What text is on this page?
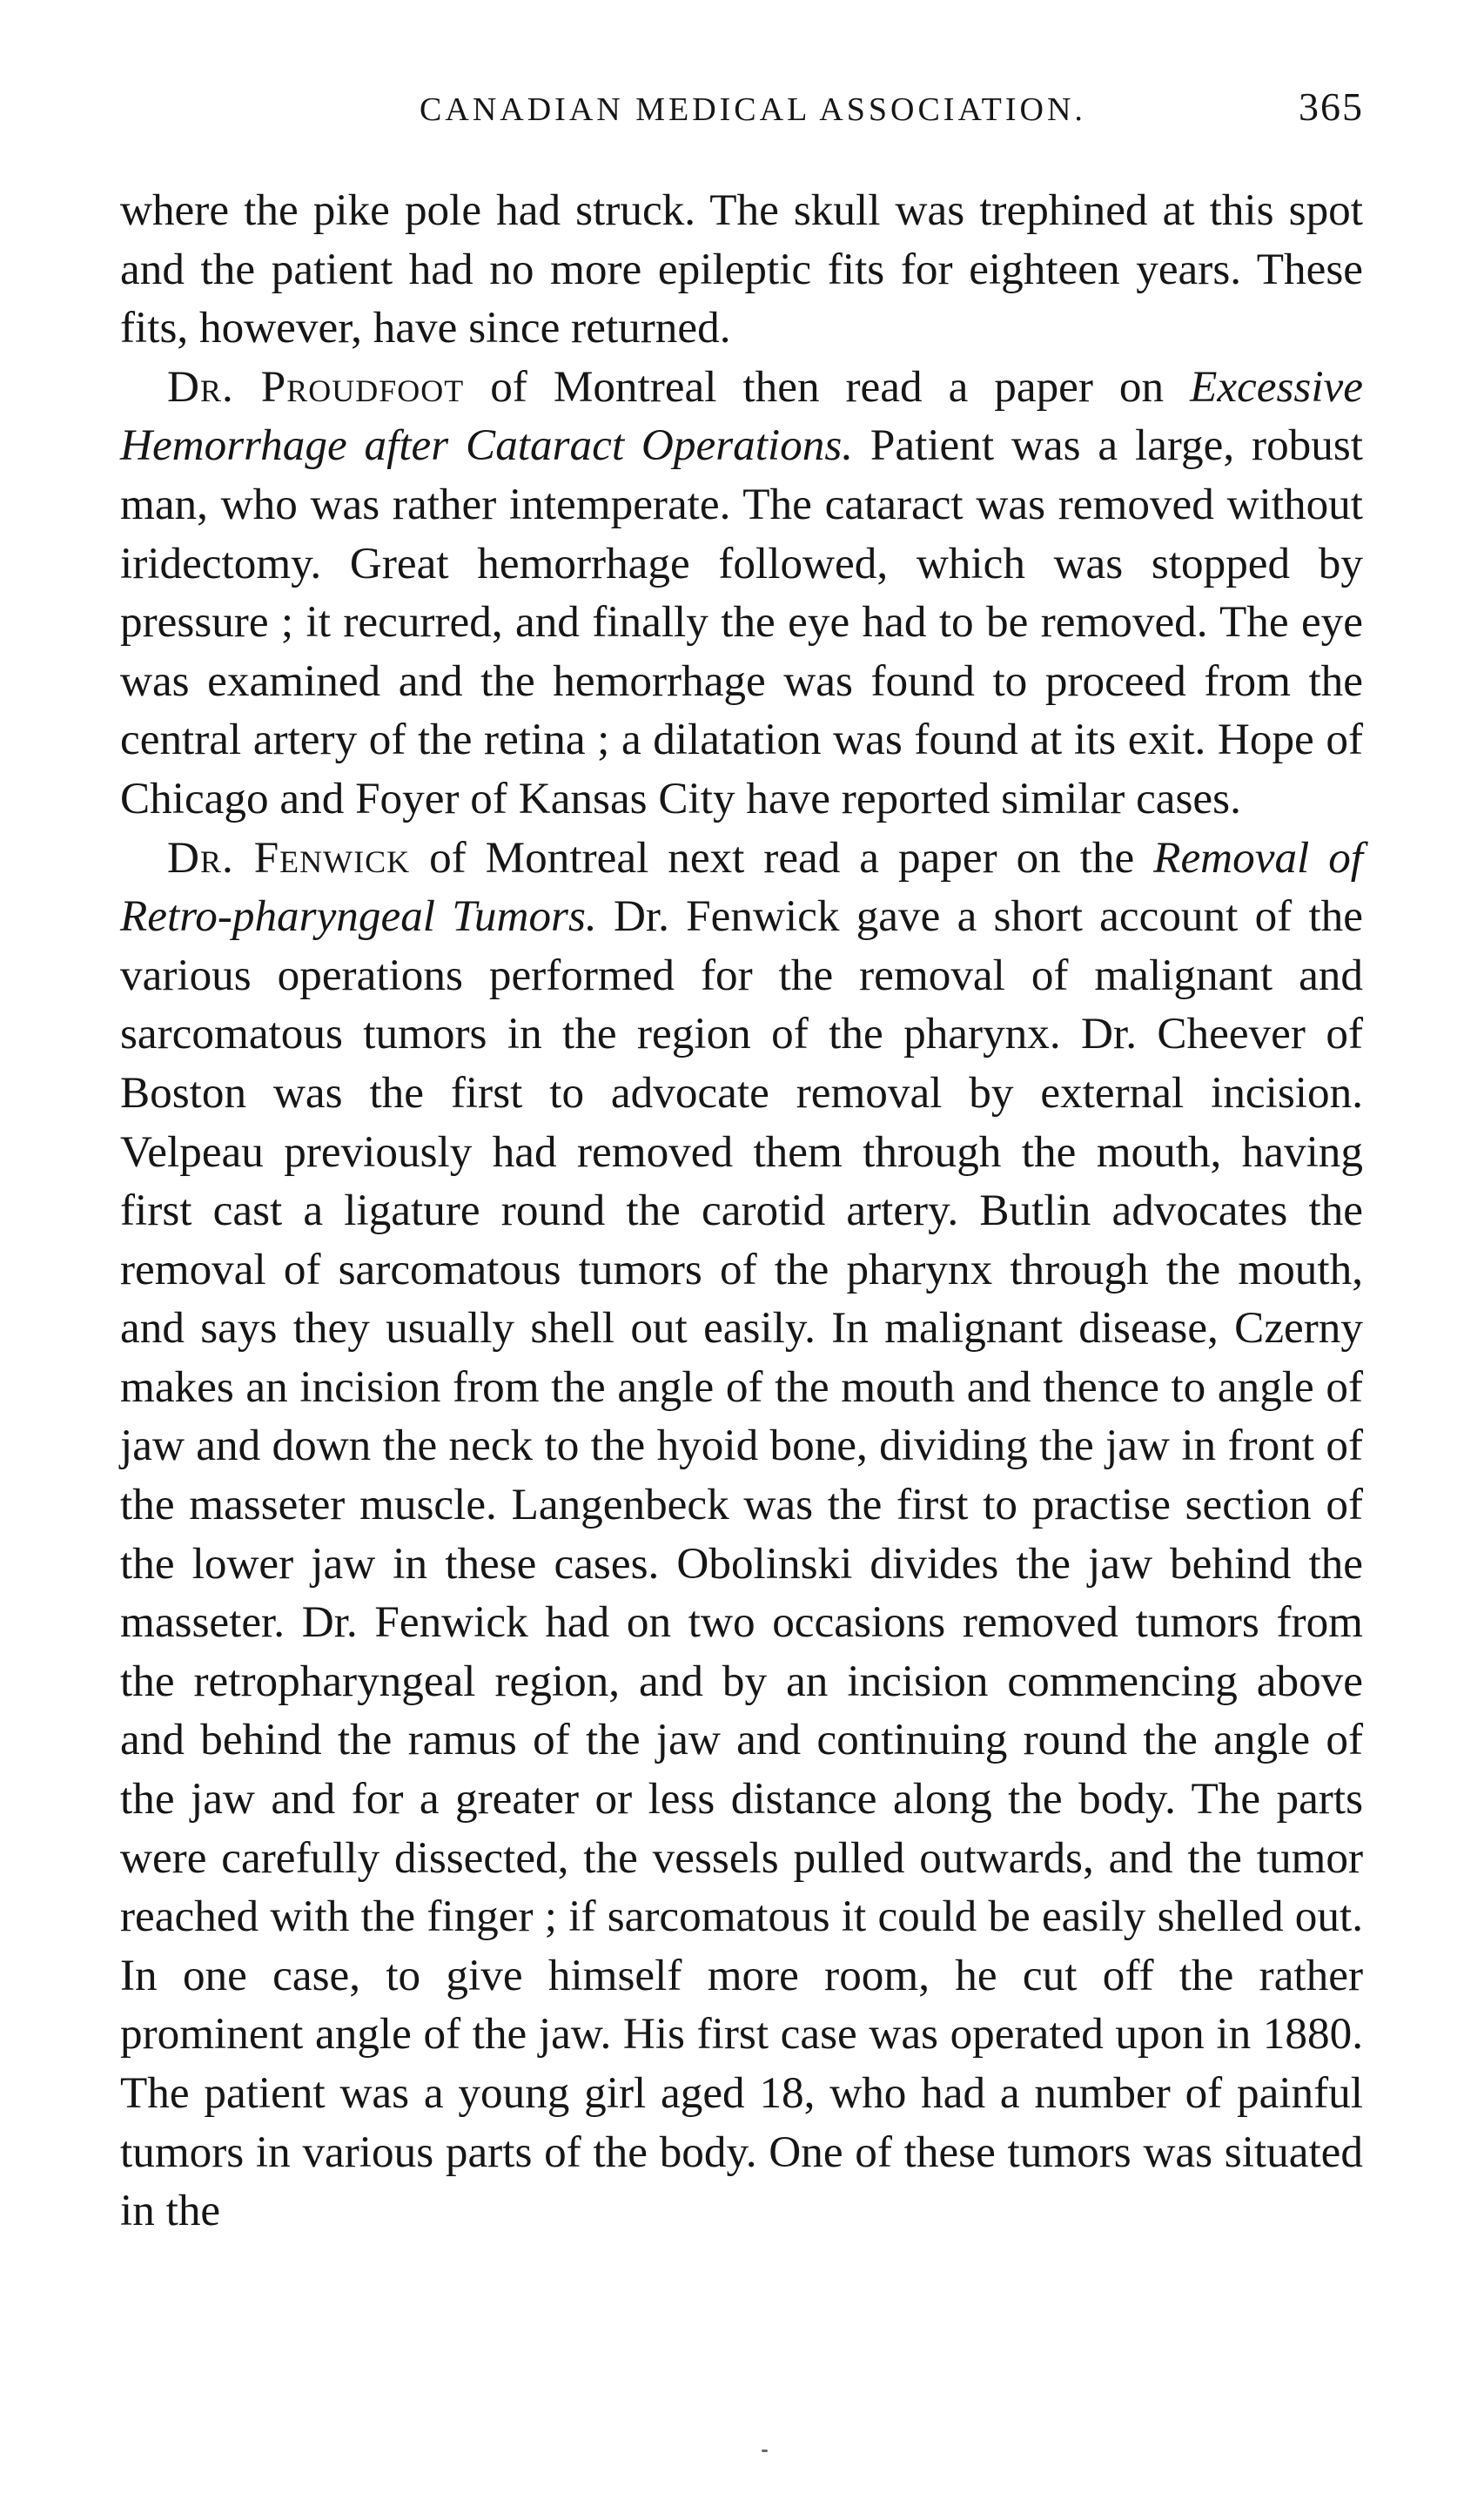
CANADIAN MEDICAL ASSOCIATION.	365

where the pike pole had struck. The skull was trephined at this spot and the patient had no more epileptic fits for eighteen years. These fits, however, have since returned.

Dr. Proudfoot of Montreal then read a paper on Excessive Hemorrhage after Cataract Operations. Patient was a large, robust man, who was rather intemperate. The cataract was removed without iridectomy. Great hemorrhage followed, which was stopped by pressure ; it recurred, and finally the eye had to be removed. The eye was examined and the hemorrhage was found to proceed from the central artery of the retina ; a dilatation was found at its exit. Hope of Chicago and Foyer of Kansas City have reported similar cases.

Dr. Fenwick of Montreal next read a paper on the Removal of Retro-pharyngeal Tumors. Dr. Fenwick gave a short account of the various operations performed for the removal of malignant and sarcomatous tumors in the region of the pharynx. Dr. Cheever of Boston was the first to advocate removal by external incision. Velpeau previously had removed them through the mouth, having first cast a ligature round the carotid artery. Butlin advocates the removal of sarcomatous tumors of the pharynx through the mouth, and says they usually shell out easily. In malignant disease, Czerny makes an incision from the angle of the mouth and thence to angle of jaw and down the neck to the hyoid bone, dividing the jaw in front of the masseter muscle. Langenbeck was the first to practise section of the lower jaw in these cases. Obolinski divides the jaw behind the masseter. Dr. Fenwick had on two occasions removed tumors from the retropharyngeal region, and by an incision commencing above and behind the ramus of the jaw and continuing round the angle of the jaw and for a greater or less distance along the body. The parts were carefully dissected, the vessels pulled outwards, and the tumor reached with the finger ; if sarcomatous it could be easily shelled out. In one case, to give himself more room, he cut off the rather prominent angle of the jaw. His first case was operated upon in 1880. The patient was a young girl aged 18, who had a number of painful tumors in various parts of the body. One of these tumors was situated in the
